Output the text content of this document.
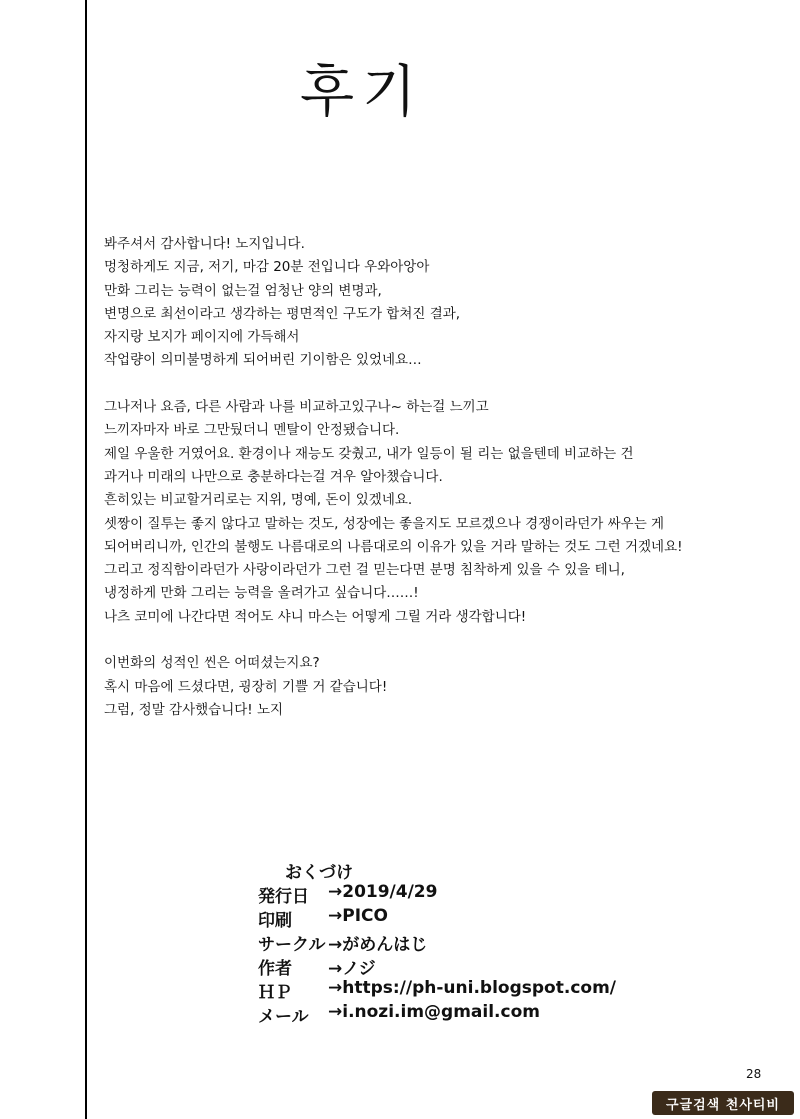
후기
봐주셔서 감사합니다! 노지입니다.
멍청하게도 지금, 저기, 마감 20분 전입니다 우와아앙아
만화 그리는 능력이 없는걸 엄청난 양의 변명과,
변명으로 최선이라고 생각하는 평면적인 구도가 합쳐진 결과,
자지랑 보지가 페이지에 가득해서
작업량이 의미불명하게 되어버린 기이함은 있었네요…
그나저나 요즘, 다른 사람과 나를 비교하고있구나~ 하는걸 느끼고
느끼자마자 바로 그만뒀더니 멘탈이 안정됐습니다.
제일 우울한 거였어요. 환경이나 재능도 갖췄고, 내가 일등이 될 리는 없을텐데 비교하는 건
과거나 미래의 나만으로 충분하다는걸 겨우 알아챘습니다.
흔히있는 비교할거리로는 지위, 명예, 돈이 있겠네요.
셋짱이 질투는 좋지 않다고 말하는 것도, 성장에는 좋을지도 모르겠으나 경쟁이라던가 싸우는 게
되어버리니까, 인간의 불행도 나름대로의 나름대로의 이유가 있을 거라 말하는 것도 그런 거겠네요!
그리고 정직함이라던가 사랑이라던가 그런 걸 믿는다면 분명 침착하게 있을 수 있을 테니,
냉정하게 만화 그리는 능력을 올려가고 싶습니다……!
나츠 코미에 나간다면 적어도 샤니 마스는 어떻게 그릴 거라 생각합니다!
이번화의 성적인 씬은 어떠셨는지요?
혹시 마음에 드셨다면, 굉장히 기쁠 거 같습니다!
그럼, 정말 감사했습니다! 노지
おくづけ
発行日 →2019/4/29
印刷 →PICO
サークル →がめんはじ
作者 →ノジ
ＨＰ →https://ph-uni.blogspot.com/
メール →i.nozi.im@gmail.com
28
구글검색 천사티비
